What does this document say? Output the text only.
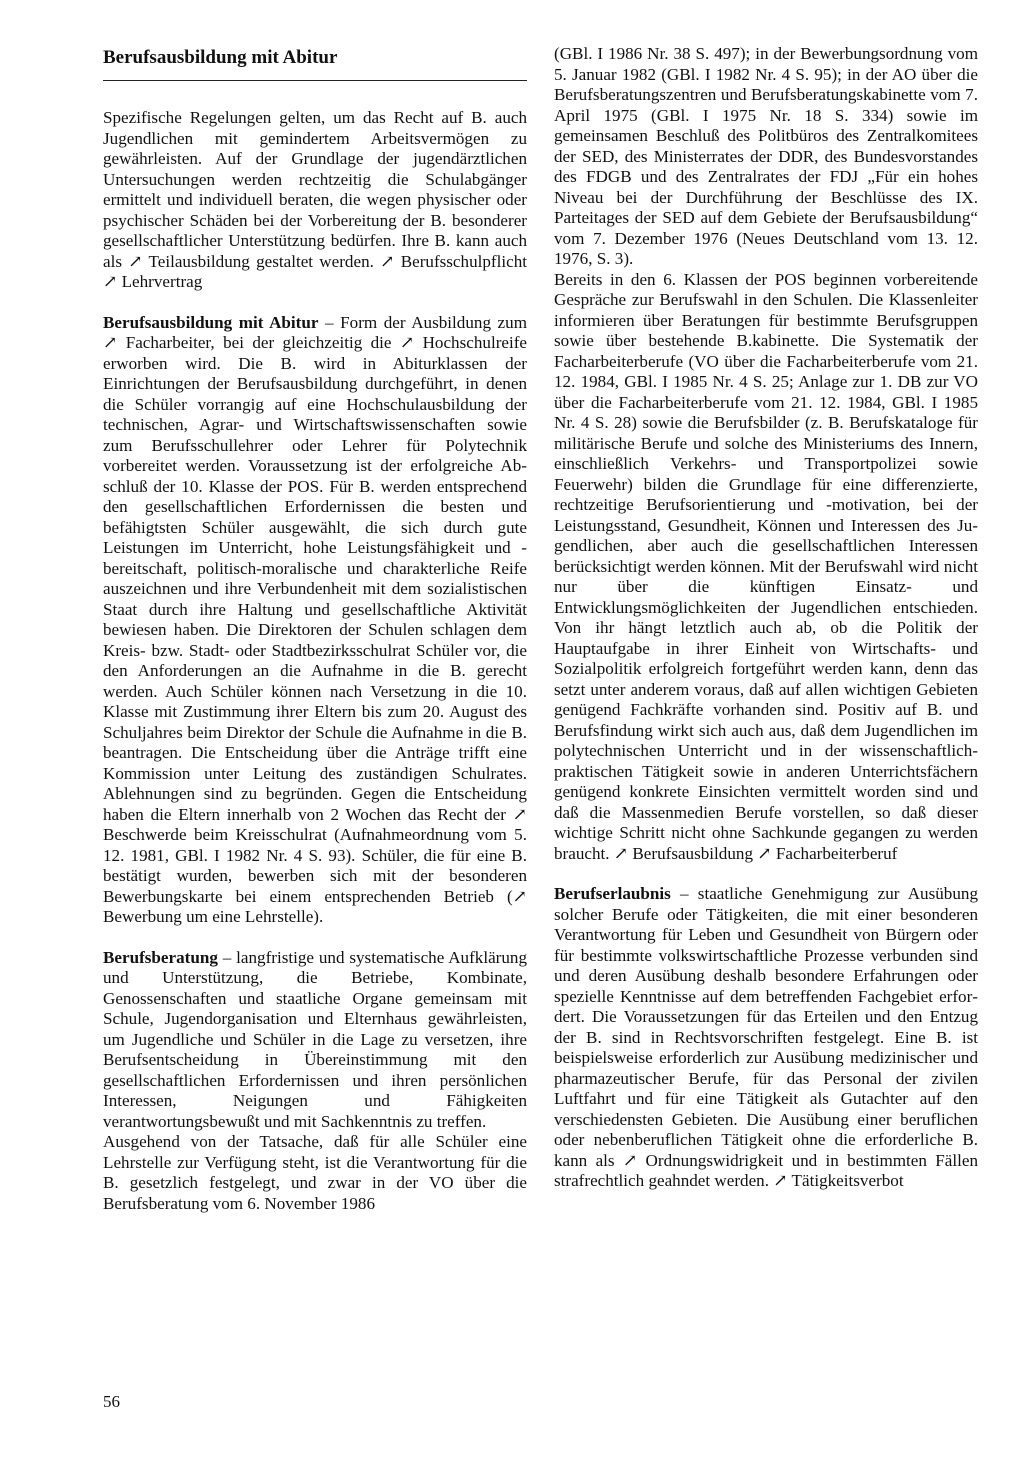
Berufsausbildung mit Abitur

Spezifische Regelungen gelten, um das Recht auf B. auch Jugendlichen mit gemindertem Arbeitsvermögen zu gewährleisten. Auf der Grundlage der jugendärztlichen Untersuchungen werden rechtzeitig die Schulabgänger ermittelt und individuell beraten, die wegen physischer oder psychischer Schäden bei der Vorbereitung der B. besonderer gesellschaftlicher Unterstützung bedürfen. Ihre B. kann auch als ↗ Teilausbildung gestaltet werden. ↗ Berufsschulpflicht ↗ Lehrvertrag

Berufsausbildung mit Abitur – Form der Ausbildung zum ↗ Facharbeiter, bei der gleichzeitig die ↗ Hochschulreife erworben wird. Die B. wird in Abiturklassen der Einrichtungen der Berufsausbildung durchgeführt, in denen die Schüler vorrangig auf eine Hochschulausbildung der technischen, Agrar- und Wirtschaftswissenschaften sowie zum Berufsschullehrer oder Lehrer für Polytechnik vorbereitet werden. Voraussetzung ist der erfolgreiche Abschluß der 10. Klasse der POS. Für B. werden entsprechend den gesellschaftlichen Erfordernissen die besten und befähigtsten Schüler ausgewählt, die sich durch gute Leistungen im Unterricht, hohe Leistungsfähigkeit und -bereitschaft, politisch-moralische und charakterliche Reife auszeichnen und ihre Verbundenheit mit dem sozialistischen Staat durch ihre Haltung und gesellschaftliche Aktivität bewiesen haben. Die Direktoren der Schulen schlagen dem Kreis- bzw. Stadt- oder Stadtbezirksschulrat Schüler vor, die den Anforderungen an die Aufnahme in die B. gerecht werden. Auch Schüler können nach Versetzung in die 10. Klasse mit Zustimmung ihrer Eltern bis zum 20. August des Schuljahres beim Direktor der Schule die Aufnahme in die B. beantragen. Die Entscheidung über die Anträge trifft eine Kommission unter Leitung des zuständigen Schulrates. Ablehnungen sind zu begründen. Gegen die Entscheidung haben die Eltern innerhalb von 2 Wochen das Recht der ↗ Beschwerde beim Kreisschulrat (Aufnahmeordnung vom 5. 12. 1981, GBl. I 1982 Nr. 4 S. 93). Schüler, die für eine B. bestätigt wurden, bewerben sich mit der besonderen Bewerbungskarte bei einem entsprechenden Betrieb (↗ Bewerbung um eine Lehrstelle).

Berufsberatung – langfristige und systematische Aufklärung und Unterstützung, die Betriebe, Kombinate, Genossenschaften und staatliche Organe gemeinsam mit Schule, Jugendorganisation und Elternhaus gewährleisten, um Jugendliche und Schüler in die Lage zu versetzen, ihre Berufsentscheidung in Übereinstimmung mit den gesellschaftlichen Erfordernissen und ihren persönlichen Interessen, Neigungen und Fähigkeiten verantwortungsbewußt und mit Sachkenntnis zu treffen.

Ausgehend von der Tatsache, daß für alle Schüler eine Lehrstelle zur Verfügung steht, ist die Verantwortung für die B. gesetzlich festgelegt, und zwar in der VO über die Berufsberatung vom 6. November 1986

(GBl. I 1986 Nr. 38 S. 497); in der Bewerbungsordnung vom 5. Januar 1982 (GBl. I 1982 Nr. 4 S. 95); in der AO über die Berufsberatungszentren und Berufsberatungskabinette vom 7. April 1975 (GBl. I 1975 Nr. 18 S. 334) sowie im gemeinsamen Beschluß des Politbüros des Zentralkomitees der SED, des Ministerrates der DDR, des Bundesvorstandes des FDGB und des Zentralrates der FDJ „Für ein hohes Niveau bei der Durchführung der Beschlüsse des IX. Parteitages der SED auf dem Gebiete der Berufsausbildung“ vom 7. Dezember 1976 (Neues Deutschland vom 13. 12. 1976, S. 3).

Bereits in den 6. Klassen der POS beginnen vorbereitende Gespräche zur Berufswahl in den Schulen. Die Klassenleiter informieren über Beratungen für bestimmte Berufsgruppen sowie über bestehende B.kabinette. Die Systematik der Facharbeiterberufe (VO über die Facharbeiterberufe vom 21. 12. 1984, GBl. I 1985 Nr. 4 S. 25; Anlage zur 1. DB zur VO über die Facharbeiterberufe vom 21. 12. 1984, GBl. I 1985 Nr. 4 S. 28) sowie die Berufsbilder (z. B. Berufskataloge für militärische Berufe und solche des Ministeriums des Innern, einschließlich Verkehrs- und Transportpolizei sowie Feuerwehr) bilden die Grundlage für eine differenzierte, rechtzeitige Berufsorientierung und -motivation, bei der Leistungsstand, Gesundheit, Können und Interessen des Jugendlichen, aber auch die gesellschaftlichen Interessen berücksichtigt werden können. Mit der Berufswahl wird nicht nur über die künftigen Einsatz- und Entwicklungsmöglichkeiten der Jugendlichen entschieden. Von ihr hängt letztlich auch ab, ob die Politik der Hauptaufgabe in ihrer Einheit von Wirtschafts- und Sozialpolitik erfolgreich fortgeführt werden kann, denn das setzt unter anderem voraus, daß auf allen wichtigen Gebieten genügend Fachkräfte vorhanden sind. Positiv auf B. und Berufsfindung wirkt sich auch aus, daß dem Jugendlichen im polytechnischen Unterricht und in der wissenschaftlich-praktischen Tätigkeit sowie in anderen Unterrichtsfächern genügend konkrete Einsichten vermittelt worden sind und daß die Massenmedien Berufe vorstellen, so daß dieser wichtige Schritt nicht ohne Sachkunde gegangen zu werden braucht. ↗ Berufsausbildung ↗ Facharbeiterberuf

Berufserlaubnis – staatliche Genehmigung zur Ausübung solcher Berufe oder Tätigkeiten, die mit einer besonderen Verantwortung für Leben und Gesundheit von Bürgern oder für bestimmte volkswirtschaftliche Prozesse verbunden sind und deren Ausübung deshalb besondere Erfahrungen oder spezielle Kenntnisse auf dem betreffenden Fachgebiet erfordert. Die Voraussetzungen für das Erteilen und den Entzug der B. sind in Rechtsvorschriften festgelegt. Eine B. ist beispielsweise erforderlich zur Ausübung medizinischer und pharmazeutischer Berufe, für das Personal der zivilen Luftfahrt und für eine Tätigkeit als Gutachter auf den verschiedensten Gebieten. Die Ausübung einer beruflichen oder nebenberuflichen Tätigkeit ohne die erforderliche B. kann als ↗ Ordnungswidrigkeit und in bestimmten Fällen strafrechtlich geahndet werden. ↗ Tätigkeitsverbot

56
